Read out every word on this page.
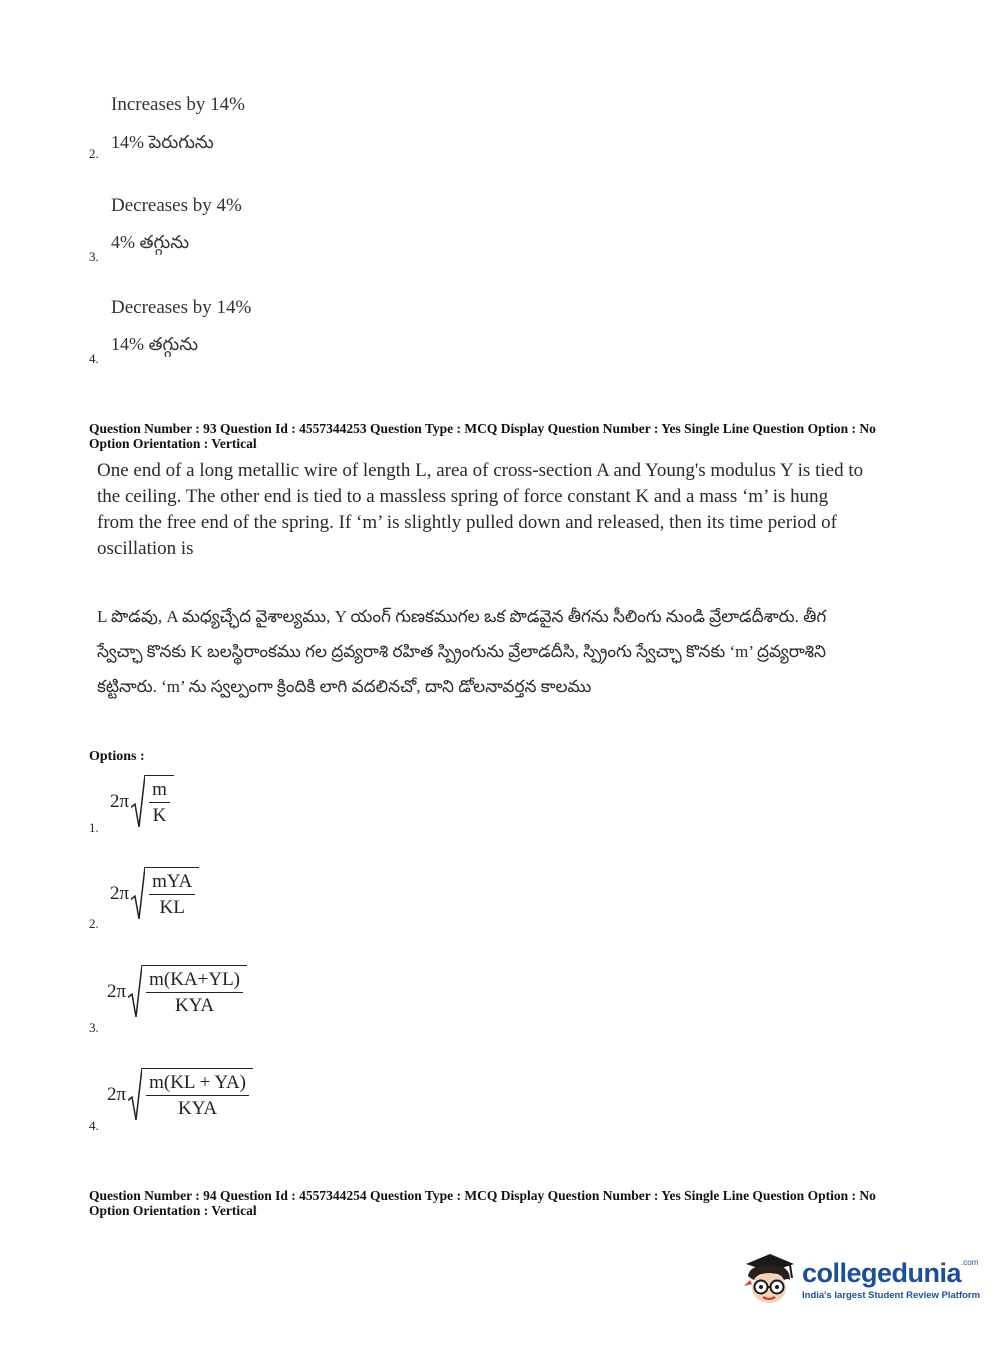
Increases by 14%
14% పెరుగును
2.
Decreases by 4%
4% తగ్గును
3.
Decreases by 14%
14% తగ్గును
4.
Question Number : 93 Question Id : 4557344253 Question Type : MCQ Display Question Number : Yes Single Line Question Option : No Option Orientation : Vertical
One end of a long metallic wire of length L, area of cross-section A and Young's modulus Y is tied to the ceiling. The other end is tied to a massless spring of force constant K and a mass ‘m’ is hung from the free end of the spring. If ‘m’ is slightly pulled down and released, then its time period of oscillation is
L పొడవు, A మధ్యచ్ఛేద వైశాల్యము, Y యంగ్ గుణకముగల ఒక పొడవైన తీగను సీలింగు నుండి వ్రేలాడదీశారు. తీగ స్వేచ్ఛా కొనకు K బలస్థిరాంకము గల ద్రవ్యరాశి రహిత స్ప్రింగును వ్రేలాడదీసి, స్ప్రింగు స్వేచ్ఛా కొనకు ‘m’ ద్రవ్యరాశిని కట్టినారు. ‘m’ ను స్వల్పంగా క్రిందికి లాగి వదలినచో, దాని డోలనావర్తన కాలము
Options :
2π
m
K
1.
2π
mYA
KL
2.
2π
m(KA+YL)
KYA
3.
2π
m(KL + YA)
KYA
4.
Question Number : 94 Question Id : 4557344254 Question Type : MCQ Display Question Number : Yes Single Line Question Option : No Option Orientation : Vertical
collegedunia$^{.com}$
India's largest Student Review Platform
